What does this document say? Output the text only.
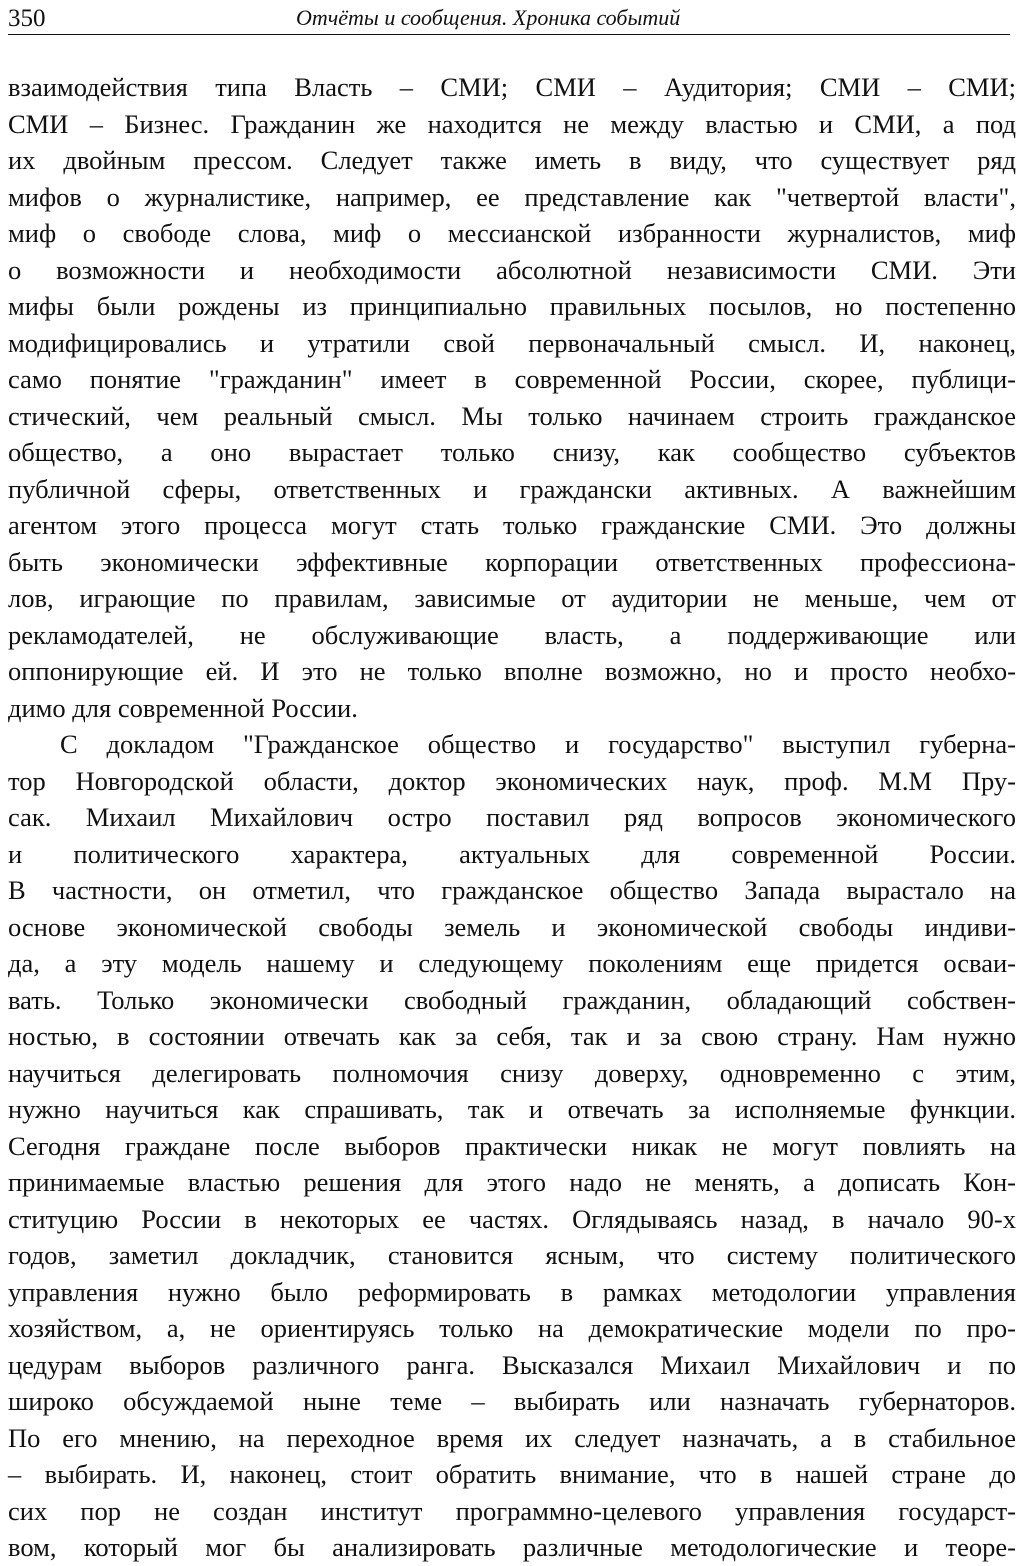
350	Отчёты и сообщения. Хроника событий
взаимодействия типа Власть – СМИ; СМИ – Аудитория; СМИ – СМИ;
СМИ – Бизнес. Гражданин же находится не между властью и СМИ, а под
их двойным прессом. Следует также иметь в виду, что существует ряд
мифов о журналистике, например, ее представление как "четвертой власти",
миф о свободе слова, миф о мессианской избранности журналистов, миф
о возможности и необходимости абсолютной независимости СМИ. Эти
мифы были рождены из принципиально правильных посылов, но постепенно
модифицировались и утратили свой первоначальный смысл. И, наконец,
само понятие "гражданин" имеет в современной России, скорее, публици-
стический, чем реальный смысл. Мы только начинаем строить гражданское
общество, а оно вырастает только снизу, как сообщество субъектов
публичной сферы, ответственных и граждански активных. А важнейшим
агентом этого процесса могут стать только гражданские СМИ. Это должны
быть экономически эффективные корпорации ответственных профессиона-
лов, играющие по правилам, зависимые от аудитории не меньше, чем от
рекламодателей, не обслуживающие власть, а поддерживающие или
оппонирующие ей. И это не только вполне возможно, но и просто необхо-
димо для современной России.
С докладом "Гражданское общество и государство" выступил губерна-
тор Новгородской области, доктор экономических наук, проф. М.М Пру-
сак. Михаил Михайлович остро поставил ряд вопросов экономического
и политического характера, актуальных для современной России.
В частности, он отметил, что гражданское общество Запада вырастало на
основе экономической свободы земель и экономической свободы индиви-
да, а эту модель нашему и следующему поколениям еще придется осваи-
вать. Только экономически свободный гражданин, обладающий собствен-
ностью, в состоянии отвечать как за себя, так и за свою страну. Нам нужно
научиться делегировать полномочия снизу доверху, одновременно с этим,
нужно научиться как спрашивать, так и отвечать за исполняемые функции.
Сегодня граждане после выборов практически никак не могут повлиять на
принимаемые властью решения для этого надо не менять, а дописать Кон-
ституцию России в некоторых ее частях. Оглядываясь назад, в начало 90-х
годов, заметил докладчик, становится ясным, что систему политического
управления нужно было реформировать в рамках методологии управления
хозяйством, а, не ориентируясь только на демократические модели по про-
цедурам выборов различного ранга. Высказался Михаил Михайлович и по
широко обсуждаемой ныне теме – выбирать или назначать губернаторов.
По его мнению, на переходное время их следует назначать, а в стабильное
– выбирать. И, наконец, стоит обратить внимание, что в нашей стране до
сих пор не создан институт программно-целевого управления государст-
вом, который мог бы анализировать различные методологические и теоре-
